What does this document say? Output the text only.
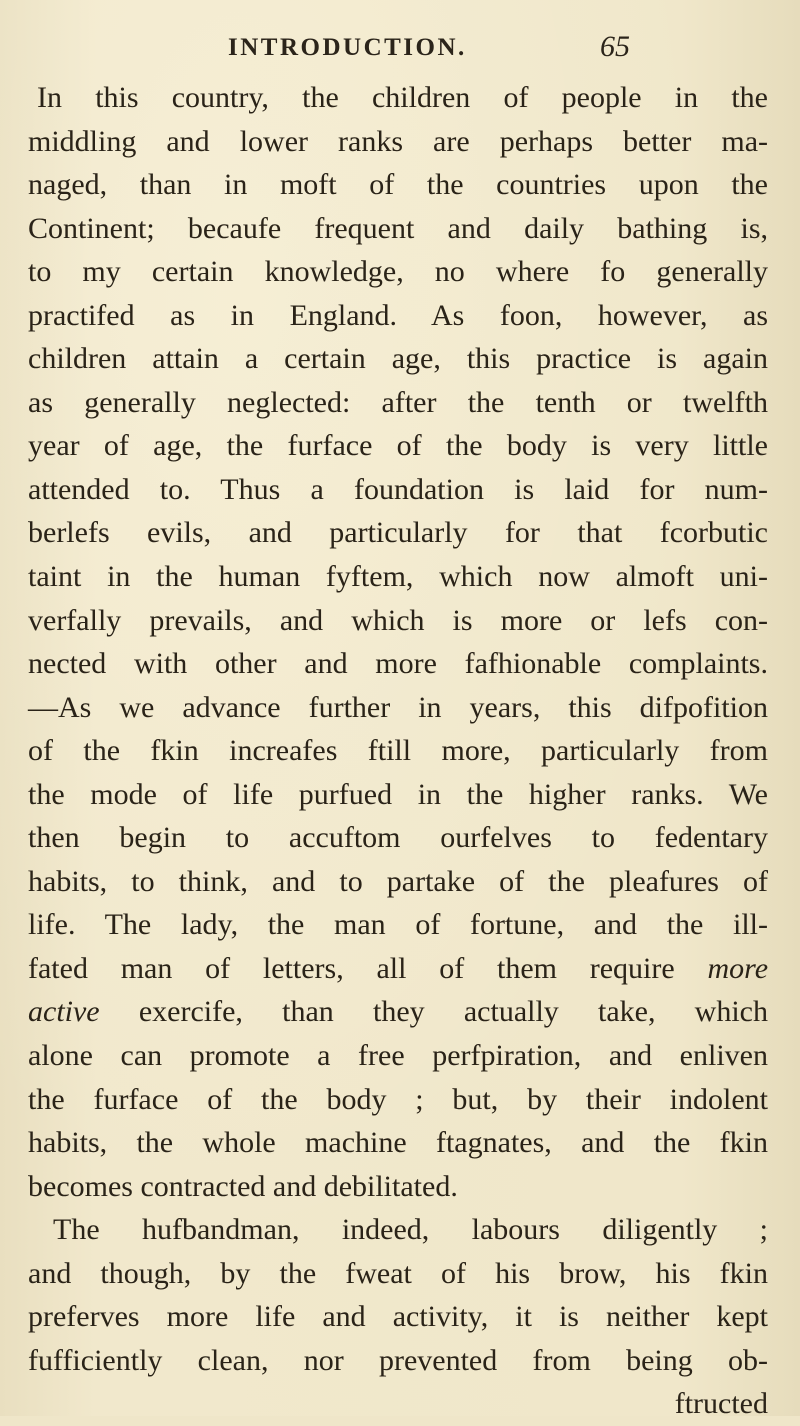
INTRODUCTION.	65
In this country, the children of people in the
middling and lower ranks are perhaps better ma-
naged, than in moft of the countries upon the
Continent; becaufe frequent and daily bathing is,
to my certain knowledge, no where fo generally
practifed as in England. As foon, however, as
children attain a certain age, this practice is again
as generally neglected: after the tenth or twelfth
year of age, the furface of the body is very little
attended to. Thus a foundation is laid for num-
berlefs evils, and particularly for that fcorbutic
taint in the human fyftem, which now almoft uni-
verfally prevails, and which is more or lefs con-
nected with other and more fafhionable complaints.
—As we advance further in years, this difpofition
of the fkin increafes ftill more, particularly from
the mode of life purfued in the higher ranks. We
then begin to accuftom ourfelves to fedentary
habits, to think, and to partake of the pleafures of
life. The lady, the man of fortune, and the ill-
fated man of letters, all of them require more
active exercife, than they actually take, which
alone can promote a free perfpiration, and enliven
the furface of the body ; but, by their indolent
habits, the whole machine ftagnates, and the fkin
becomes contracted and debilitated.
The hufbandman, indeed, labours diligently ;
and though, by the fweat of his brow, his fkin
preferves more life and activity, it is neither kept
fufficiently clean, nor prevented from being ob-
ftructed
